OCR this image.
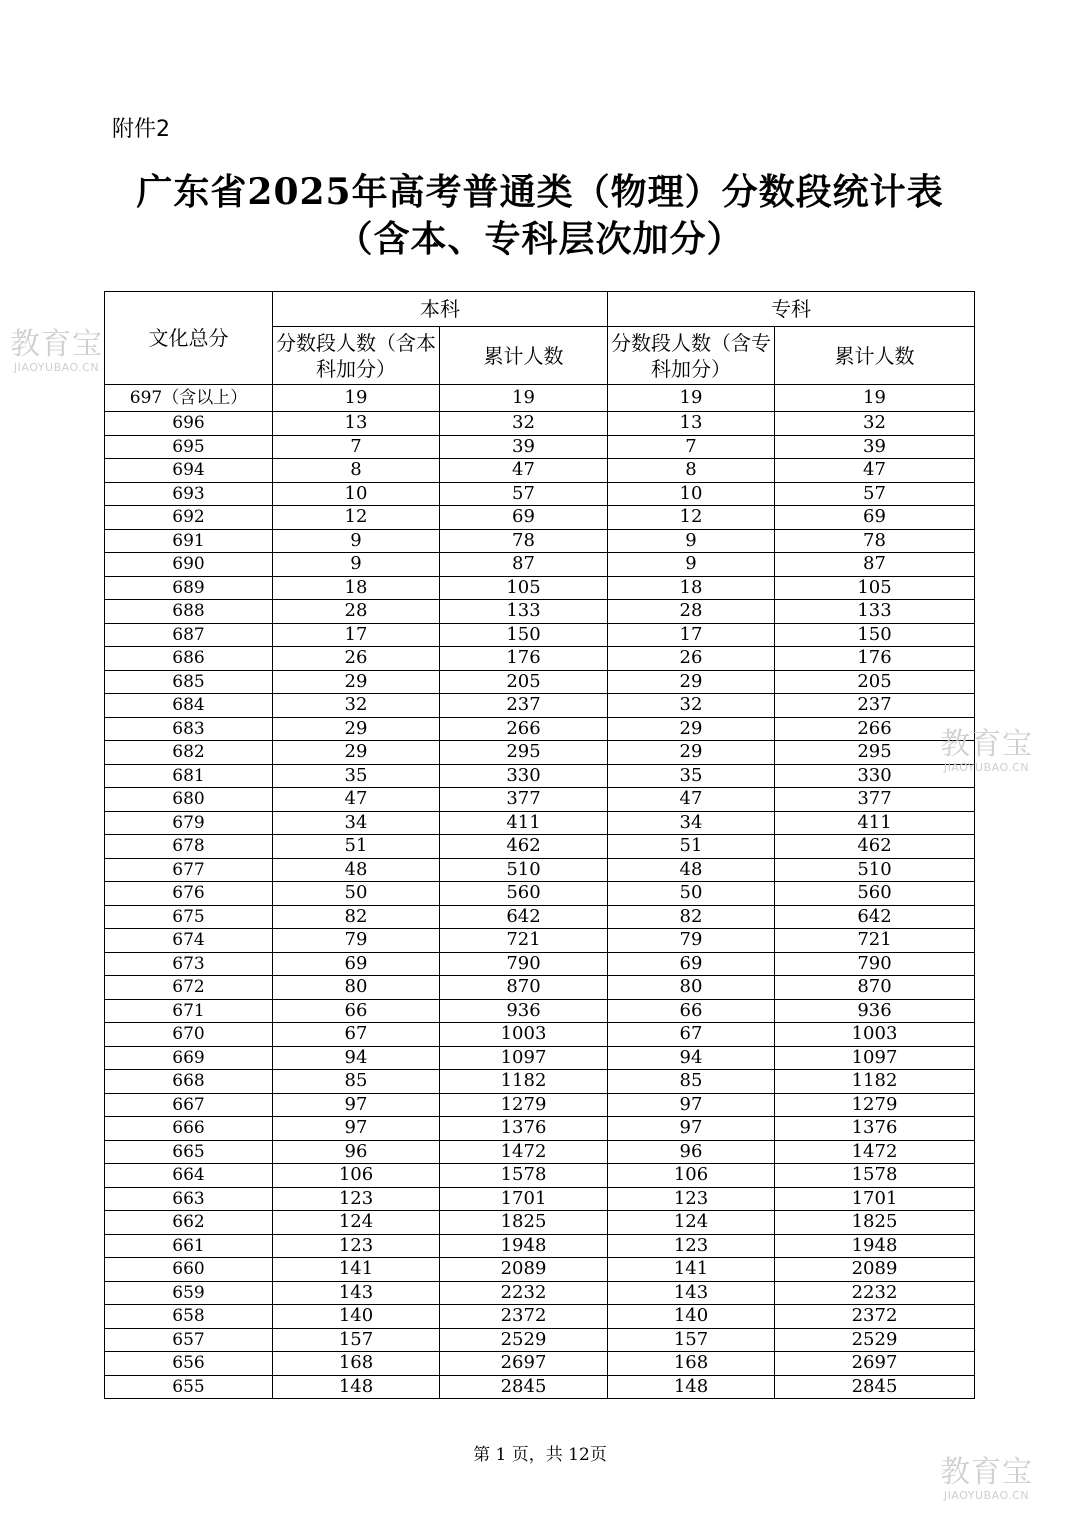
附件2
广东省2025年高考普通类（物理）分数段统计表
（含本、专科层次加分）
文化总分	本科		专科	
	分数段人数（含本科加分）	累计人数	分数段人数（含专科加分）	累计人数
697（含以上）	19	19	19	19
696	13	32	13	32
695	7	39	7	39
694	8	47	8	47
693	10	57	10	57
692	12	69	12	69
691	9	78	9	78
690	9	87	9	87
689	18	105	18	105
688	28	133	28	133
687	17	150	17	150
686	26	176	26	176
685	29	205	29	205
684	32	237	32	237
683	29	266	29	266
682	29	295	29	295
681	35	330	35	330
680	47	377	47	377
679	34	411	34	411
678	51	462	51	462
677	48	510	48	510
676	50	560	50	560
675	82	642	82	642
674	79	721	79	721
673	69	790	69	790
672	80	870	80	870
671	66	936	66	936
670	67	1003	67	1003
669	94	1097	94	1097
668	85	1182	85	1182
667	97	1279	97	1279
666	97	1376	97	1376
665	96	1472	96	1472
664	106	1578	106	1578
663	123	1701	123	1701
662	124	1825	124	1825
661	123	1948	123	1948
660	141	2089	141	2089
659	143	2232	143	2232
658	140	2372	140	2372
657	157	2529	157	2529
656	168	2697	168	2697
655	148	2845	148	2845
第 1 页，共 12页
教育宝
JIAOYUBAO.CN
教育宝
JIAOYUBAO.CN
教育宝
JIAOYUBAO.CN
